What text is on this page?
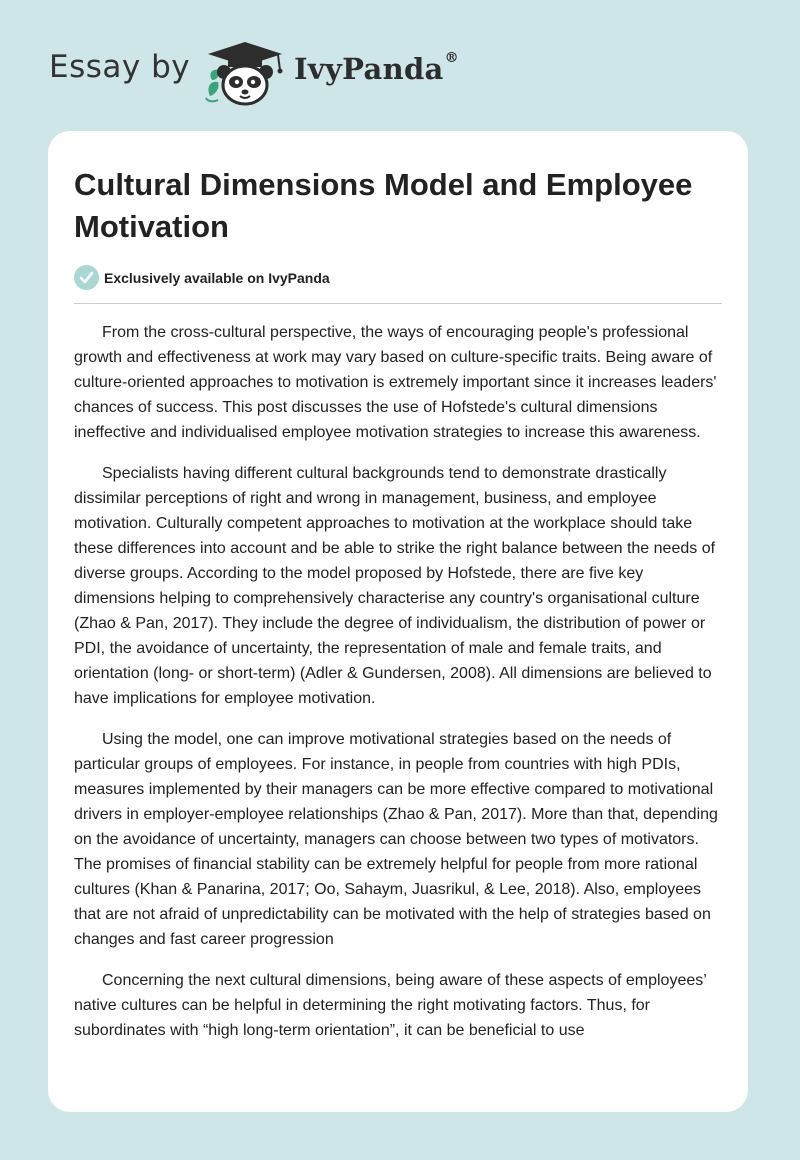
Essay by	IvyPanda®
Cultural Dimensions Model and Employee Motivation
Exclusively available on IvyPanda

From the cross-cultural perspective, the ways of encouraging people's professional growth and effectiveness at work may vary based on culture-specific traits. Being aware of culture-oriented approaches to motivation is extremely important since it increases leaders' chances of success. This post discusses the use of Hofstede's cultural dimensions ineffective and individualised employee motivation strategies to increase this awareness.

Specialists having different cultural backgrounds tend to demonstrate drastically dissimilar perceptions of right and wrong in management, business, and employee motivation. Culturally competent approaches to motivation at the workplace should take these differences into account and be able to strike the right balance between the needs of diverse groups. According to the model proposed by Hofstede, there are five key dimensions helping to comprehensively characterise any country's organisational culture (Zhao & Pan, 2017). They include the degree of individualism, the distribution of power or PDI, the avoidance of uncertainty, the representation of male and female traits, and orientation (long- or short-term) (Adler & Gundersen, 2008). All dimensions are believed to have implications for employee motivation.

Using the model, one can improve motivational strategies based on the needs of particular groups of employees. For instance, in people from countries with high PDIs, measures implemented by their managers can be more effective compared to motivational drivers in employer-employee relationships (Zhao & Pan, 2017). More than that, depending on the avoidance of uncertainty, managers can choose between two types of motivators. The promises of financial stability can be extremely helpful for people from more rational cultures (Khan & Panarina, 2017; Oo, Sahaym, Juasrikul, & Lee, 2018). Also, employees that are not afraid of unpredictability can be motivated with the help of strategies based on changes and fast career progression

Concerning the next cultural dimensions, being aware of these aspects of employees’ native cultures can be helpful in determining the right motivating factors. Thus, for subordinates with “high long-term orientation”, it can be beneficial to use
